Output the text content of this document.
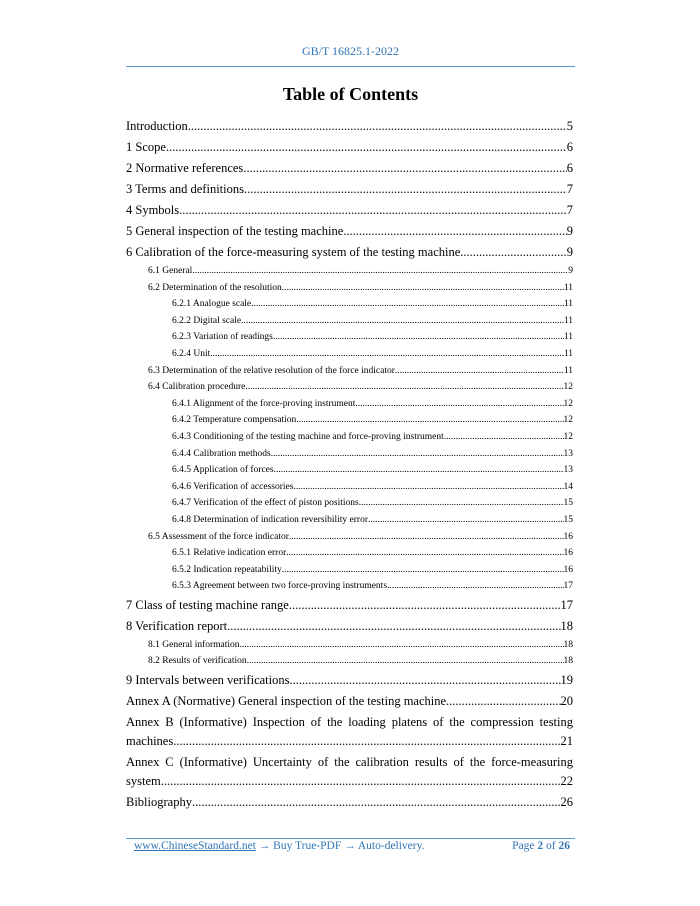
GB/T 16825.1-2022
Table of Contents
Introduction .....	5
1 Scope .....	6
2 Normative references .....	6
3 Terms and definitions .....	7
4 Symbols .....	7
5 General inspection of the testing machine .....	9
6 Calibration of the force-measuring system of the testing machine .....	9
6.1 General .....	9
6.2 Determination of the resolution .....	11
6.2.1 Analogue scale .....	11
6.2.2 Digital scale .....	11
6.2.3 Variation of readings .....	11
6.2.4 Unit .....	11
6.3 Determination of the relative resolution of the force indicator .....	11
6.4 Calibration procedure .....	12
6.4.1 Alignment of the force-proving instrument .....	12
6.4.2 Temperature compensation .....	12
6.4.3 Conditioning of the testing machine and force-proving instrument .....	12
6.4.4 Calibration methods .....	13
6.4.5 Application of forces .....	13
6.4.6 Verification of accessories .....	14
6.4.7 Verification of the effect of piston positions .....	15
6.4.8 Determination of indication reversibility error .....	15
6.5 Assessment of the force indicator .....	16
6.5.1 Relative indication error .....	16
6.5.2 Indication repeatability .....	16
6.5.3 Agreement between two force-proving instruments .....	17
7 Class of testing machine range .....	17
8 Verification report .....	18
8.1 General information .....	18
8.2 Results of verification .....	18
9 Intervals between verifications .....	19
Annex A (Normative) General inspection of the testing machine .....	20
Annex B (Informative) Inspection of the loading platens of the compression testing
machines .....	21
Annex C (Informative) Uncertainty of the calibration results of the force-measuring
system .....	22
Bibliography .....	26
www.ChineseStandard.net → Buy True-PDF → Auto-delivery.	Page 2 of 26
